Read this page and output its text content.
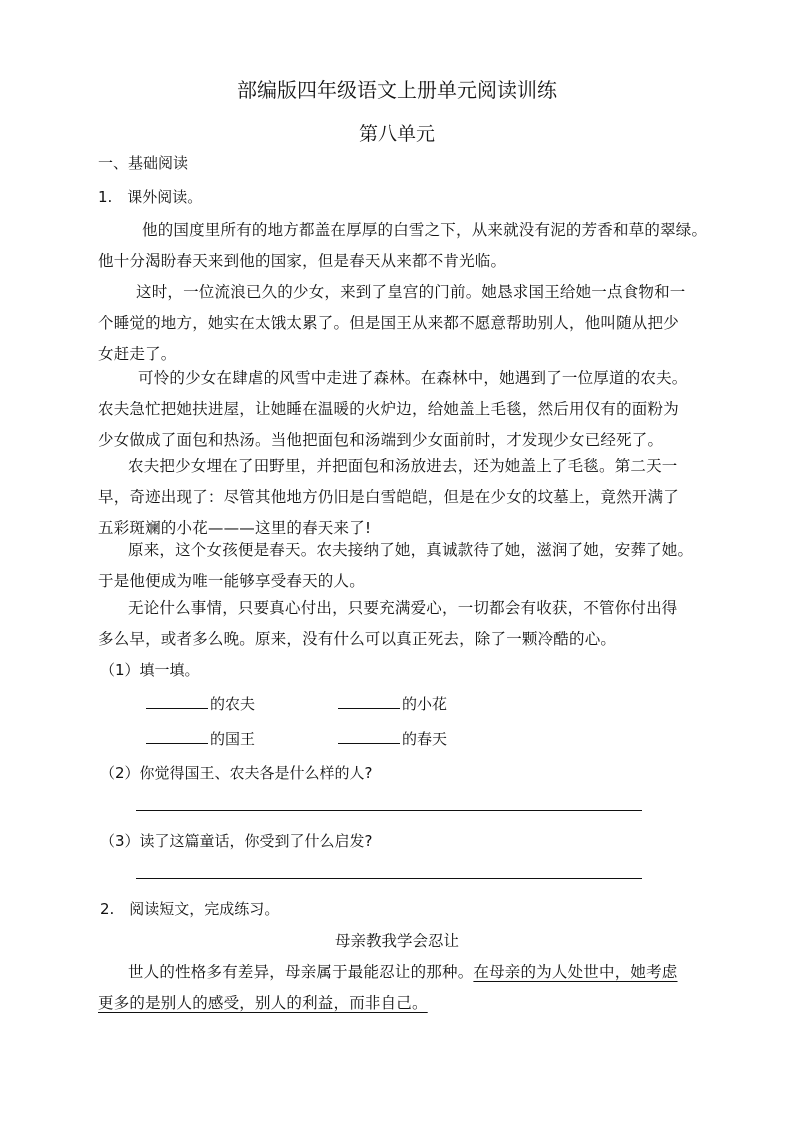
部编版四年级语文上册单元阅读训练
第八单元
一、基础阅读
1.　课外阅读。
他的国度里所有的地方都盖在厚厚的白雪之下，从来就没有泥的芳香和草的翠绿。
他十分渴盼春天来到他的国家，但是春天从来都不肯光临。
这时，一位流浪已久的少女，来到了皇宫的门前。她恳求国王给她一点食物和一
个睡觉的地方，她实在太饿太累了。但是国王从来都不愿意帮助别人，他叫随从把少
女赶走了。
可怜的少女在肆虐的风雪中走进了森林。在森林中，她遇到了一位厚道的农夫。
农夫急忙把她扶进屋，让她睡在温暖的火炉边，给她盖上毛毯，然后用仅有的面粉为
少女做成了面包和热汤。当他把面包和汤端到少女面前时，才发现少女已经死了。
农夫把少女埋在了田野里，并把面包和汤放进去，还为她盖上了毛毯。第二天一
早，奇迹出现了：尽管其他地方仍旧是白雪皑皑，但是在少女的坟墓上，竟然开满了
五彩斑斓的小花———这里的春天来了!
原来，这个女孩便是春天。农夫接纳了她，真诚款待了她，滋润了她，安葬了她。
于是他便成为唯一能够享受春天的人。
无论什么事情，只要真心付出，只要充满爱心，一切都会有收获，不管你付出得
多么早，或者多么晚。原来，没有什么可以真正死去，除了一颗冷酷的心。
（1）填一填。
的农夫	的小花
的国王	的春天
（2）你觉得国王、农夫各是什么样的人?
（3）读了这篇童话，你受到了什么启发?
2.　阅读短文，完成练习。
母亲教我学会忍让
世人的性格多有差异，母亲属于最能忍让的那种。在母亲的为人处世中，她考虑
更多的是别人的感受，别人的利益，而非自己。
